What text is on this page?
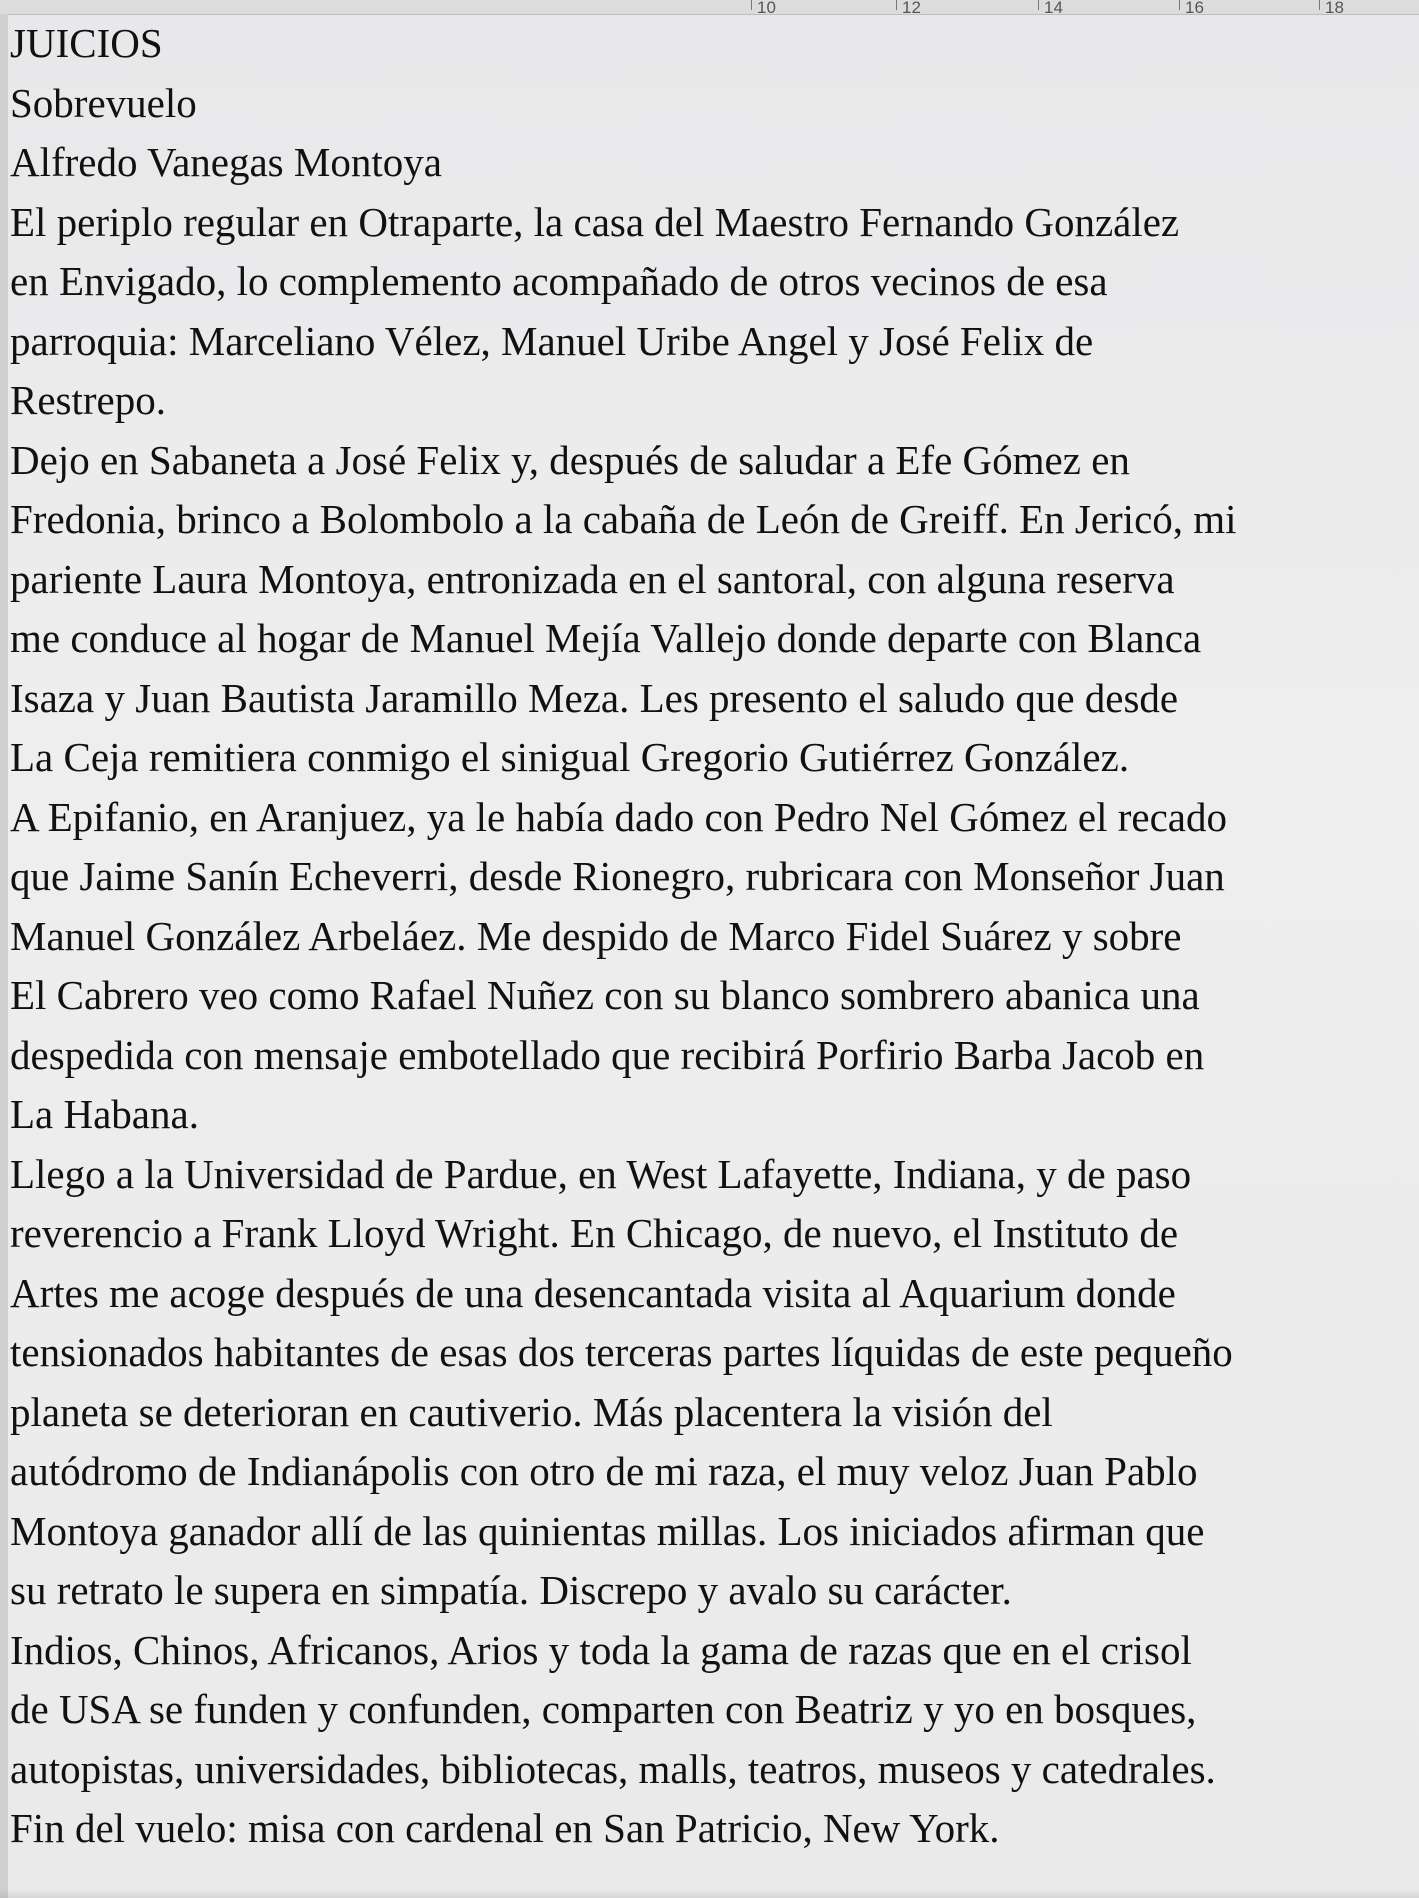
10	12	14	16	18

JUICIOS

Sobrevuelo

Alfredo Vanegas Montoya

El periplo regular en Otraparte, la casa del Maestro Fernando González

en Envigado, lo complemento acompañado de otros vecinos de esa

parroquia: Marceliano Vélez, Manuel Uribe Angel y José Felix de

Restrepo.

Dejo en Sabaneta a José Felix y, después de saludar a Efe Gómez en

Fredonia, brinco a Bolombolo a la cabaña de León de Greiff. En Jericó, mi

pariente Laura Montoya, entronizada en el santoral, con alguna reserva

me conduce al hogar de Manuel Mejía Vallejo donde departe con Blanca

Isaza y Juan Bautista Jaramillo Meza. Les presento el saludo que desde

La Ceja remitiera conmigo el sinigual Gregorio Gutiérrez González.

A Epifanio, en Aranjuez, ya le había dado con Pedro Nel Gómez el recado

que Jaime Sanín Echeverri, desde Rionegro, rubricara con Monseñor Juan

Manuel González Arbeláez. Me despido de Marco Fidel Suárez y sobre

El Cabrero veo como Rafael Nuñez con su blanco sombrero abanica una

despedida con mensaje embotellado que recibirá Porfirio Barba Jacob en

La Habana.

Llego a la Universidad de Pardue, en West Lafayette, Indiana, y de paso

reverencio a Frank Lloyd Wright. En Chicago, de nuevo, el Instituto de

Artes me acoge después de una desencantada visita al Aquarium donde

tensionados habitantes de esas dos terceras partes líquidas de este pequeño

planeta se deterioran en cautiverio. Más placentera la visión del

autódromo de Indianápolis con otro de mi raza, el muy veloz Juan Pablo

Montoya ganador allí de las quinientas millas. Los iniciados afirman que

su retrato le supera en simpatía. Discrepo y avalo su carácter.

Indios, Chinos, Africanos, Arios y toda la gama de razas que en el crisol

de USA se funden y confunden, comparten con Beatriz y yo en bosques,

autopistas, universidades, bibliotecas, malls, teatros, museos y catedrales.

Fin del vuelo: misa con cardenal en San Patricio, New York.
